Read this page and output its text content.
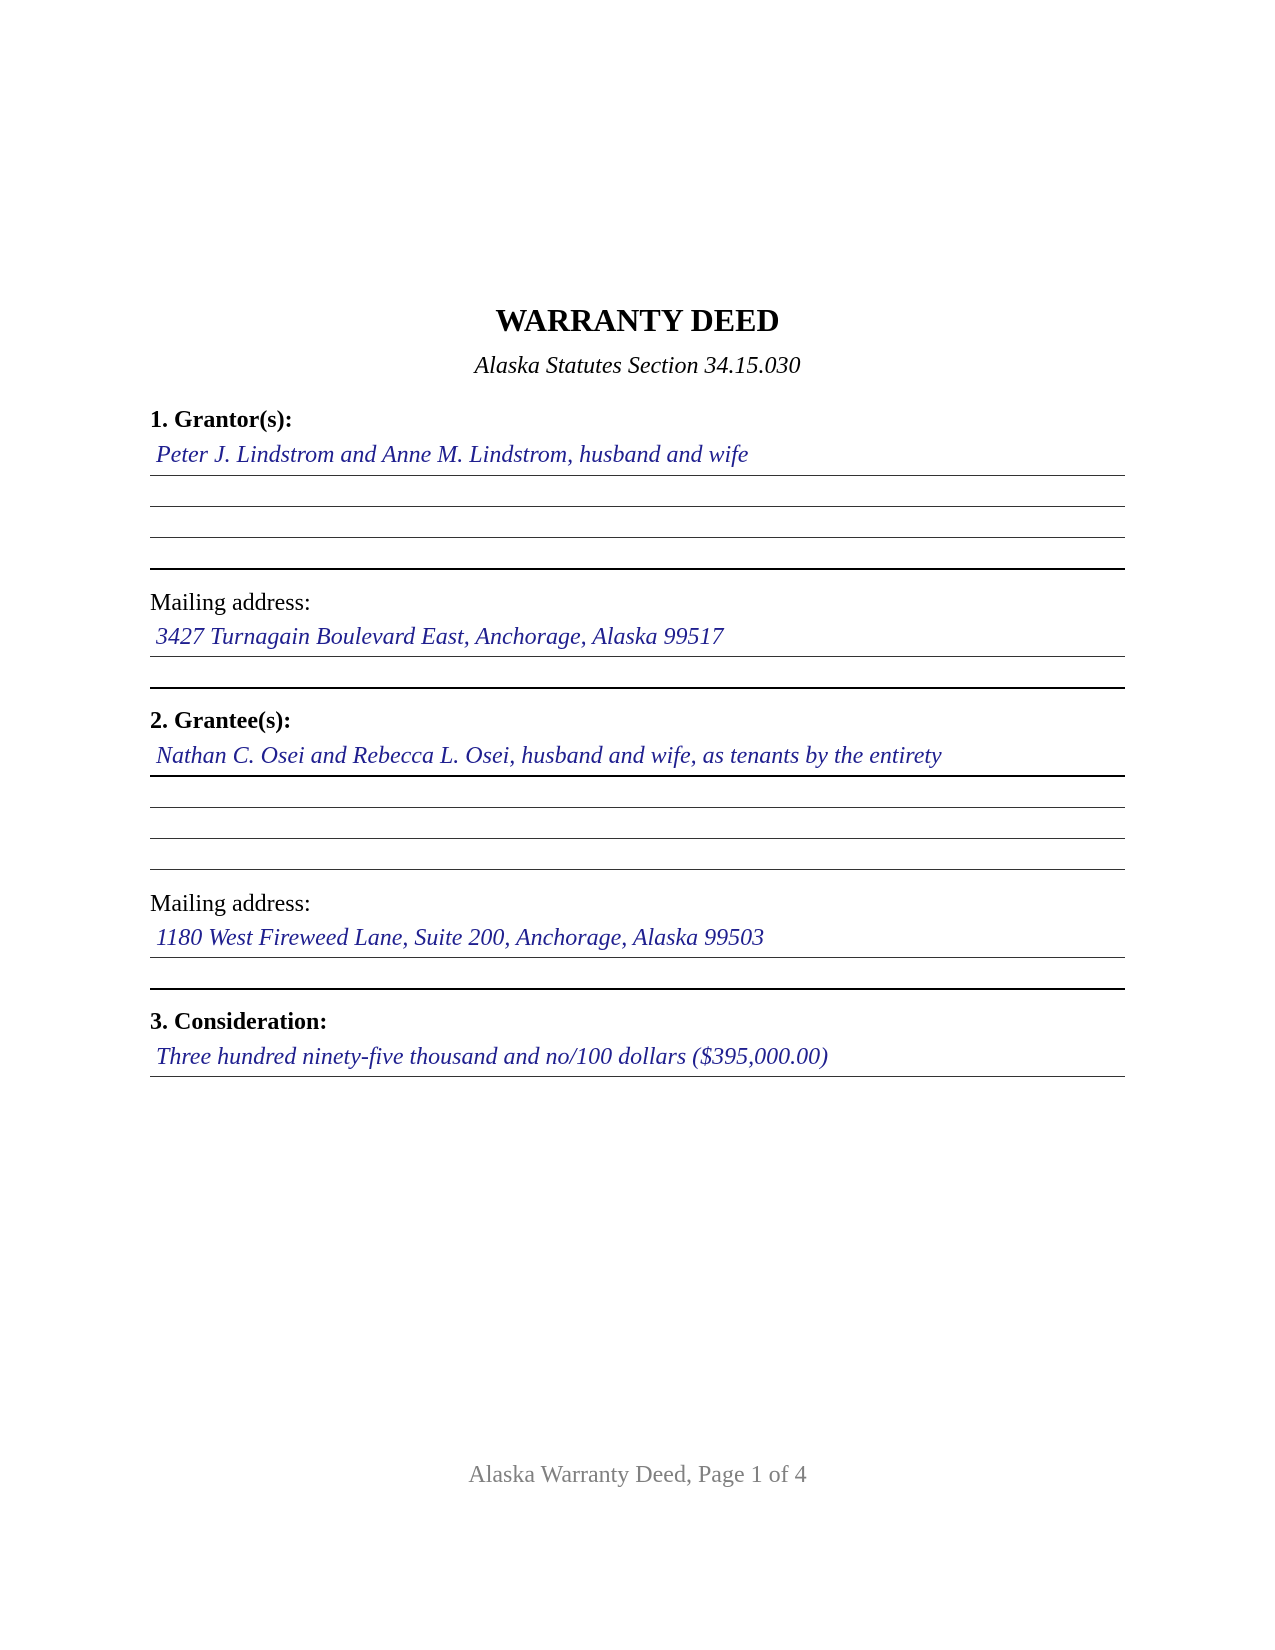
WARRANTY DEED
Alaska Statutes Section 34.15.030
1. Grantor(s):
Peter J. Lindstrom and Anne M. Lindstrom, husband and wife
Mailing address:
3427 Turnagain Boulevard East, Anchorage, Alaska 99517
2. Grantee(s):
Nathan C. Osei and Rebecca L. Osei, husband and wife, as tenants by the entirety
Mailing address:
1180 West Fireweed Lane, Suite 200, Anchorage, Alaska 99503
3. Consideration:
Three hundred ninety-five thousand and no/100 dollars ($395,000.00)
Alaska Warranty Deed, Page 1 of 4
